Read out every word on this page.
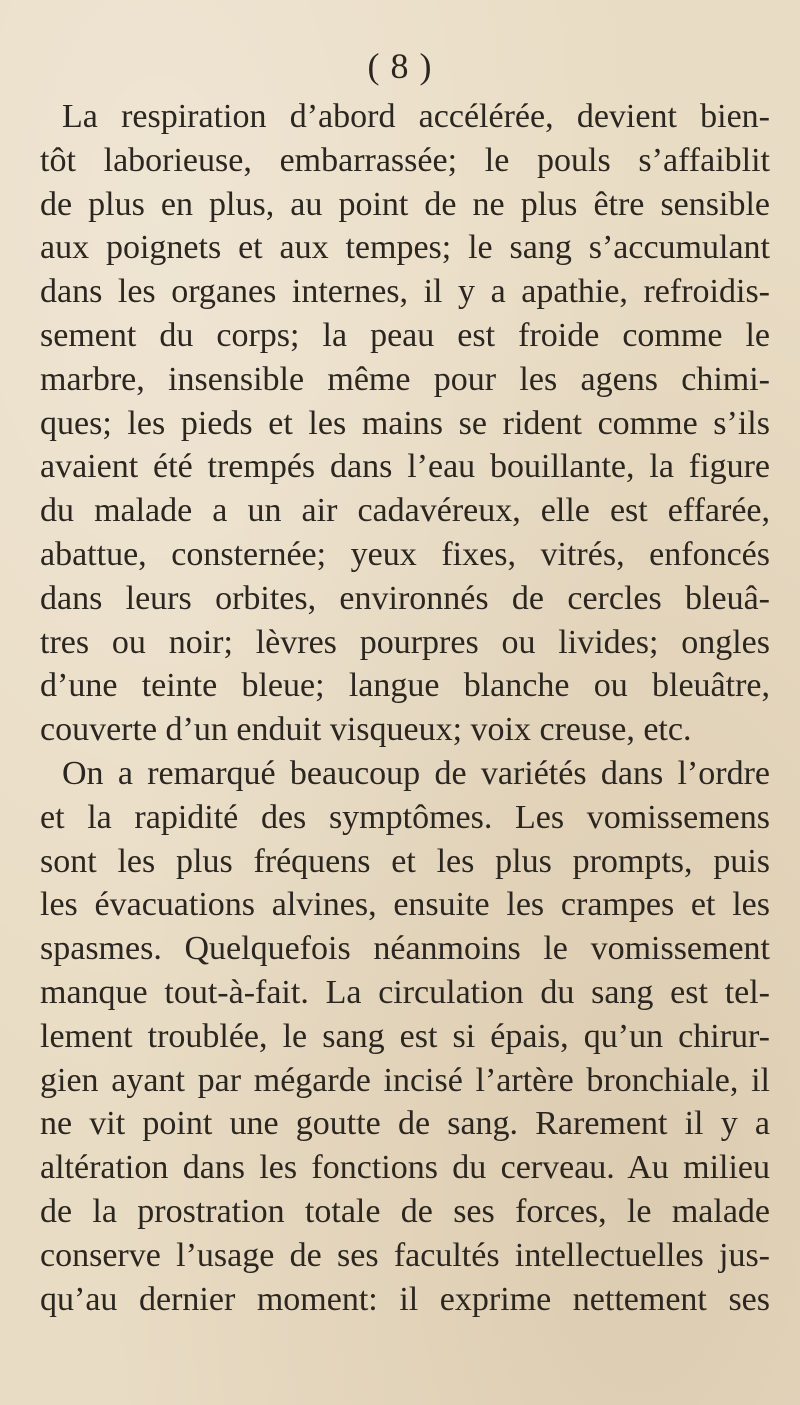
( 8 )
La respiration d’abord accélérée, devient bien-
tôt laborieuse, embarrassée; le pouls s’affaiblit
de plus en plus, au point de ne plus être sensible
aux poignets et aux tempes; le sang s’accumulant
dans les organes internes, il y a apathie, refroidis-
sement du corps; la peau est froide comme le
marbre, insensible même pour les agens chimi-
ques; les pieds et les mains se rident comme s’ils
avaient été trempés dans l’eau bouillante, la figure
du malade a un air cadavéreux, elle est effarée,
abattue, consternée; yeux fixes, vitrés, enfoncés
dans leurs orbites, environnés de cercles bleuâ-
tres ou noir; lèvres pourpres ou livides; ongles
d’une teinte bleue; langue blanche ou bleuâtre,
couverte d’un enduit visqueux; voix creuse, etc.
On a remarqué beaucoup de variétés dans l’ordre
et la rapidité des symptômes. Les vomissemens
sont les plus fréquens et les plus prompts, puis
les évacuations alvines, ensuite les crampes et les
spasmes. Quelquefois néanmoins le vomissement
manque tout-à-fait. La circulation du sang est tel-
lement troublée, le sang est si épais, qu’un chirur-
gien ayant par mégarde incisé l’artère bronchiale, il
ne vit point une goutte de sang. Rarement il y a
altération dans les fonctions du cerveau. Au milieu
de la prostration totale de ses forces, le malade
conserve l’usage de ses facultés intellectuelles jus-
qu’au dernier moment: il exprime nettement ses
